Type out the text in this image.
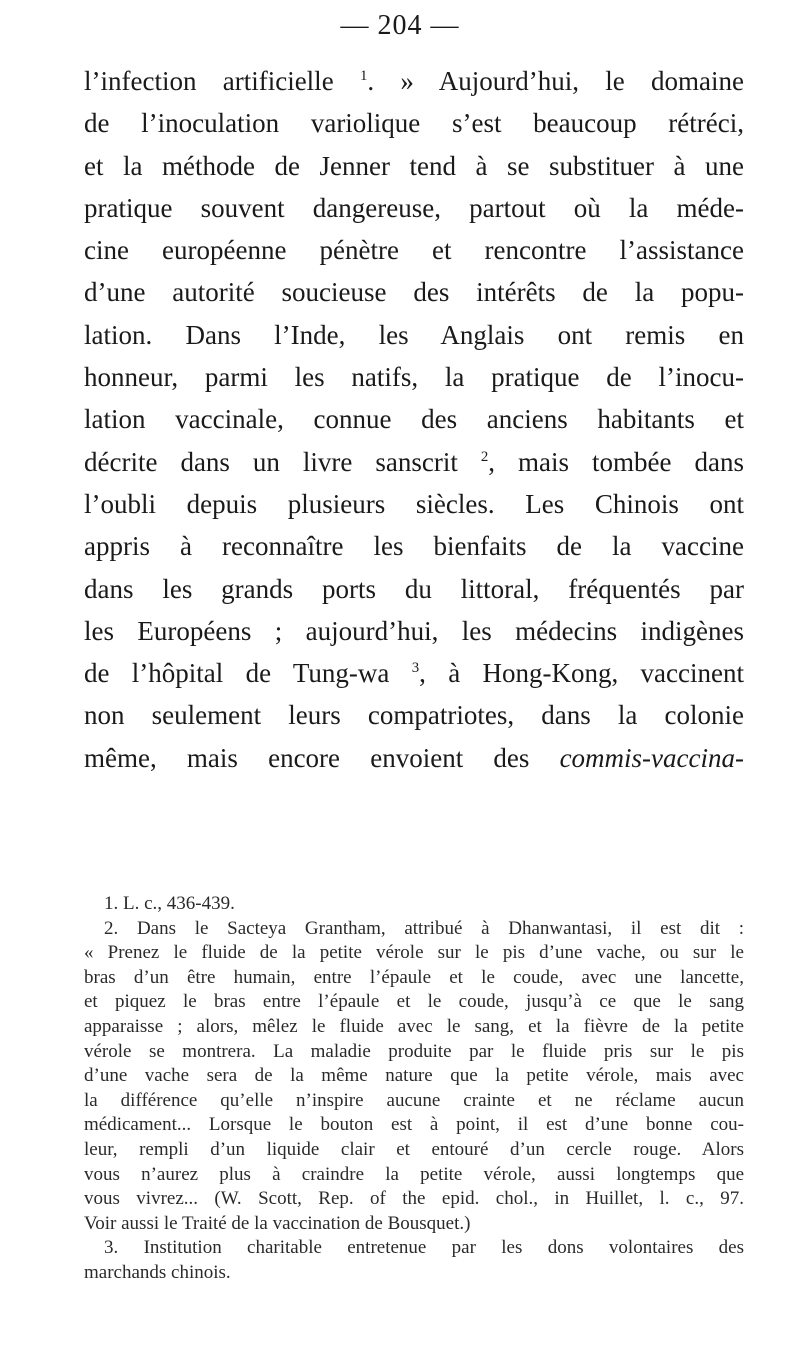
— 204 —
l’infection artificielle $^1$. » Aujourd’hui, le domaine
de l’inoculation variolique s’est beaucoup rétréci,
et la méthode de Jenner tend à se substituer à une
pratique souvent dangereuse, partout où la méde-
cine européenne pénètre et rencontre l’assistance
d’une autorité soucieuse des intérêts de la popu-
lation. Dans l’Inde, les Anglais ont remis en
honneur, parmi les natifs, la pratique de l’inocu-
lation vaccinale, connue des anciens habitants et
décrite dans un livre sanscrit $^2$, mais tombée dans
l’oubli depuis plusieurs siècles. Les Chinois ont
appris à reconnaître les bienfaits de la vaccine
dans les grands ports du littoral, fréquentés par
les Européens ; aujourd’hui, les médecins indigènes
de l’hôpital de Tung-wa $^3$, à Hong-Kong, vaccinent
non seulement leurs compatriotes, dans la colonie
même, mais encore envoient des commis-vaccina-
1. L. c., 436-439.
2. Dans le Sacteya Grantham, attribué à Dhanwantasi, il est dit :
« Prenez le fluide de la petite vérole sur le pis d’une vache, ou sur le
bras d’un être humain, entre l’épaule et le coude, avec une lancette,
et piquez le bras entre l’épaule et le coude, jusqu’à ce que le sang
apparaisse ; alors, mêlez le fluide avec le sang, et la fièvre de la petite
vérole se montrera. La maladie produite par le fluide pris sur le pis
d’une vache sera de la même nature que la petite vérole, mais avec
la différence qu’elle n’inspire aucune crainte et ne réclame aucun
médicament... Lorsque le bouton est à point, il est d’une bonne cou-
leur, rempli d’un liquide clair et entouré d’un cercle rouge. Alors
vous n’aurez plus à craindre la petite vérole, aussi longtemps que
vous vivrez... (W. Scott, Rep. of the epid. chol., in Huillet, l. c., 97.
Voir aussi le Traité de la vaccination de Bousquet.)
3. Institution charitable entretenue par les dons volontaires des
marchands chinois.
